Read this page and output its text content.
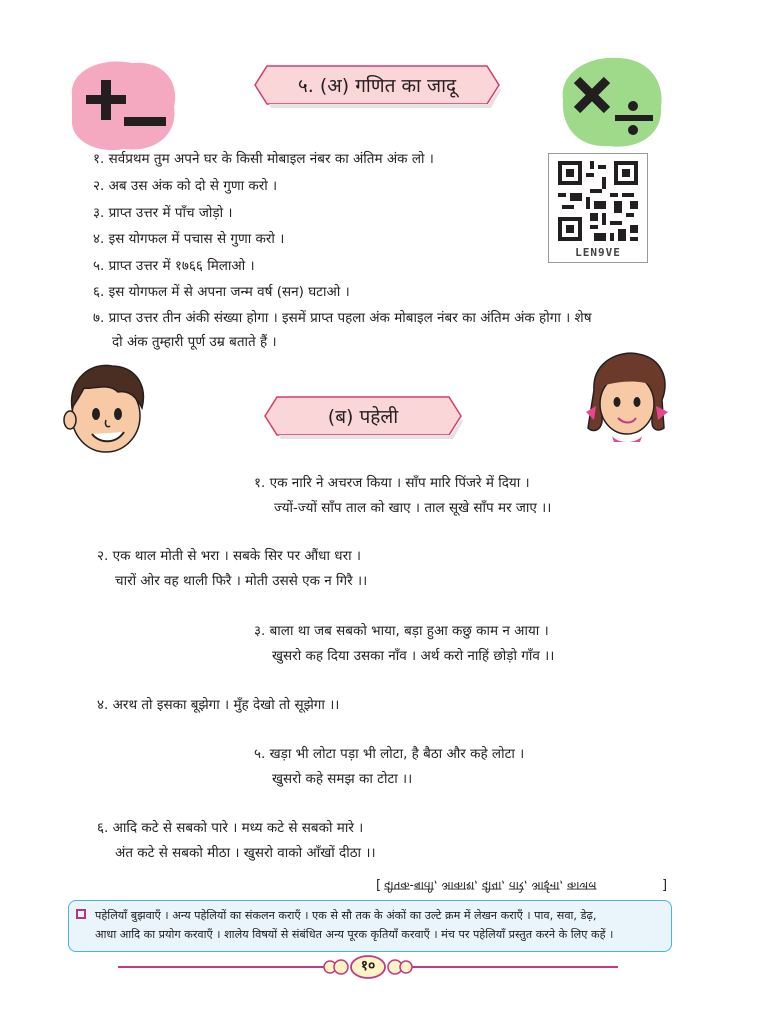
५. (अ) गणित का जादू
LEN9VE
१. सर्वप्रथम तुम अपने घर के किसी मोबाइल नंबर का अंतिम अंक लो ।
२. अब उस अंक को दो से गुणा करो ।
३. प्राप्त उत्तर में पाँच जोड़ो ।
४. इस योगफल में पचास से गुणा करो ।
५. प्राप्त उत्तर में १७६६ मिलाओ ।
६. इस योगफल में से अपना जन्म वर्ष (सन) घटाओ ।
७. प्राप्त उत्तर तीन अंकी संख्या होगा । इसमें प्राप्त पहला अंक मोबाइल नंबर का अंतिम अंक होगा । शेष
दो अंक तुम्हारी पूर्ण उम्र बताते हैं ।
(ब) पहेली
१. एक नारि ने अचरज किया । साँप मारि पिंजरे में दिया ।
ज्यों-ज्यों साँप ताल को खाए । ताल सूखे साँप मर जाए ।।
२. एक थाल मोती से भरा । सबके सिर पर औंधा धरा ।
चारों ओर वह थाली फिरै । मोती उससे एक न गिरै ।।
३. बाला था जब सबको भाया, बड़ा हुआ कछु काम न आया ।
खुसरो कह दिया उसका नाँव । अर्थ करो नाहिं छोड़ो गाँव ।।
४. अरथ तो इसका बूझेगा । मुँह देखो तो सूझेगा ।।
५. खड़ा भी लोटा पड़ा भी लोटा, है बैठा और कहे लोटा ।
खुसरो कहे समझ का टोटा ।।
६. आदि कटे से सबको पारे । मध्य कटे से सबको मारे ।
अंत कटे से सबको मीठा । खुसरो वाको आँखों दीठा ।।
[ दीपक-बाती, आकाश, दीया, तारे, आईना, काजल	]
पहेलियाँ बुझवाएँ । अन्य पहेलियों का संकलन कराएँ । एक से सौ तक के अंकों का उल्टे क्रम में लेखन कराएँ । पाव, सवा, डेढ़,
आधा आदि का प्रयोग करवाएँ । शालेय विषयों से संबंधित अन्य पूरक कृतियाँ करवाएँ । मंच पर पहेलियाँ प्रस्तुत करने के लिए कहें ।
१०
